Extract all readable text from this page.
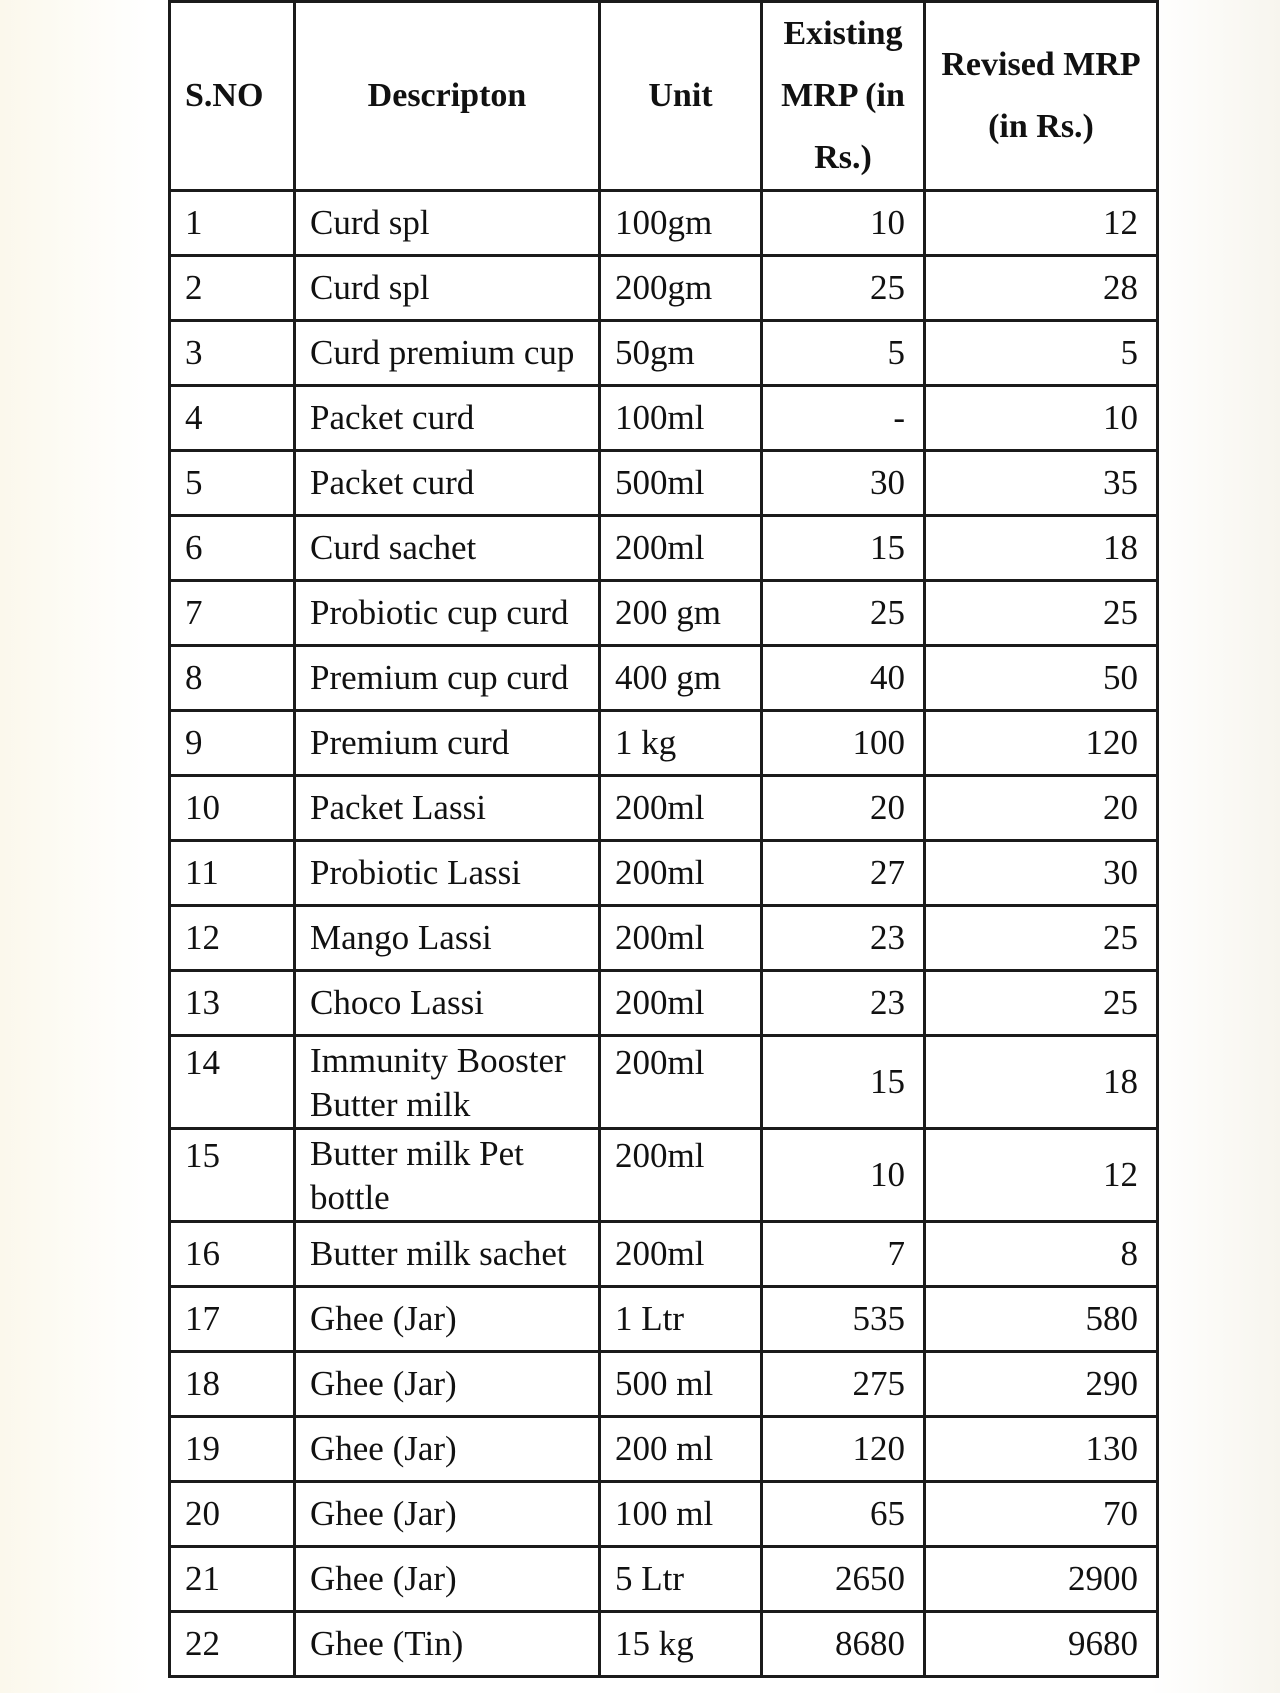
S.NO	Descripton	Unit	Existing MRP (in Rs.)	Revised MRP (in Rs.)
1	Curd spl	100gm	10	12
2	Curd spl	200gm	25	28
3	Curd premium cup	50gm	5	5
4	Packet curd	100ml	-	10
5	Packet curd	500ml	30	35
6	Curd sachet	200ml	15	18
7	Probiotic cup curd	200 gm	25	25
8	Premium cup curd	400 gm	40	50
9	Premium curd	1 kg	100	120
10	Packet Lassi	200ml	20	20
11	Probiotic Lassi	200ml	27	30
12	Mango Lassi	200ml	23	25
13	Choco Lassi	200ml	23	25
14	Immunity Booster Butter milk	200ml	15	18
15	Butter milk Pet bottle	200ml	10	12
16	Butter milk sachet	200ml	7	8
17	Ghee (Jar)	1 Ltr	535	580
18	Ghee (Jar)	500 ml	275	290
19	Ghee (Jar)	200 ml	120	130
20	Ghee (Jar)	100 ml	65	70
21	Ghee (Jar)	5 Ltr	2650	2900
22	Ghee (Tin)	15 kg	8680	9680
